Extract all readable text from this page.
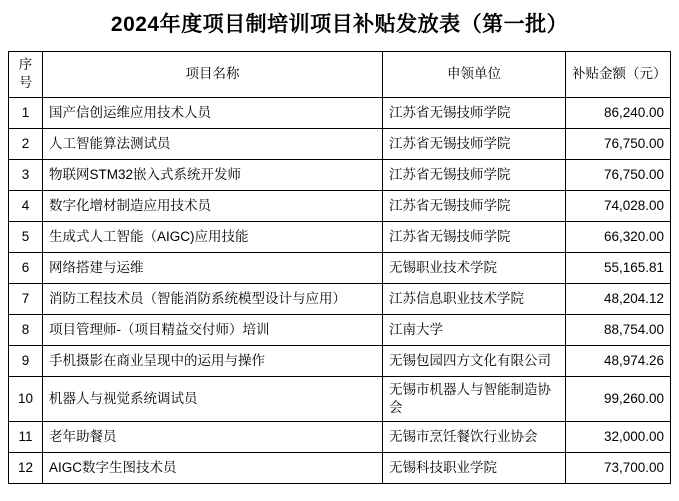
2024年度项目制培训项目补贴发放表（第一批）
序号	项目名称	申领单位	补贴金额（元）
1	国产信创运维应用技术人员	江苏省无锡技师学院	86,240.00
2	人工智能算法测试员	江苏省无锡技师学院	76,750.00
3	物联网STM32嵌入式系统开发师	江苏省无锡技师学院	76,750.00
4	数字化增材制造应用技术员	江苏省无锡技师学院	74,028.00
5	生成式人工智能（AIGC)应用技能	江苏省无锡技师学院	66,320.00
6	网络搭建与运维	无锡职业技术学院	55,165.81
7	消防工程技术员（智能消防系统模型设计与应用）	江苏信息职业技术学院	48,204.12
8	项目管理师-（项目精益交付师）培训	江南大学	88,754.00
9	手机摄影在商业呈现中的运用与操作	无锡包园四方文化有限公司	48,974.26
10	机器人与视觉系统调试员	无锡市机器人与智能制造协会	99,260.00
11	老年助餐员	无锡市烹饪餐饮行业协会	32,000.00
12	AIGC数字生图技术员	无锡科技职业学院	73,700.00
